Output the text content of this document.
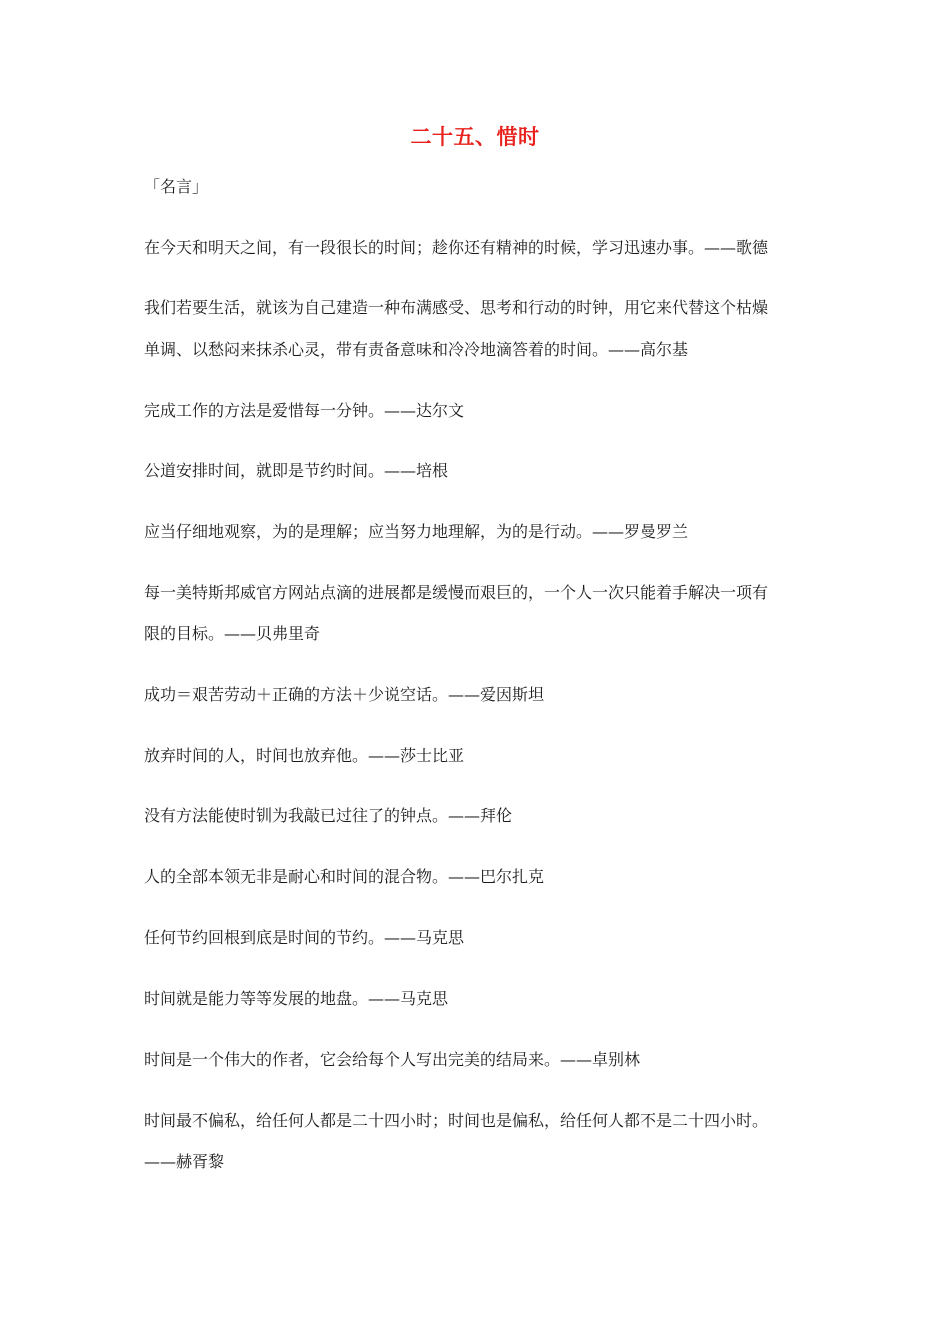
二十五、惜时
「名言」
在今天和明天之间，有一段很长的时间；趁你还有精神的时候，学习迅速办事。——歌德
我们若要生活，就该为自己建造一种布满感受、思考和行动的时钟，用它来代替这个枯燥
单调、以愁闷来抹杀心灵，带有责备意味和冷冷地滴答着的时间。——高尔基
完成工作的方法是爱惜每一分钟。——达尔文
公道安排时间，就即是节约时间。——培根
应当仔细地观察，为的是理解；应当努力地理解，为的是行动。——罗曼罗兰
每一美特斯邦威官方网站点滴的进展都是缓慢而艰巨的，一个人一次只能着手解决一项有
限的目标。——贝弗里奇
成功＝艰苦劳动＋正确的方法＋少说空话。——爱因斯坦
放弃时间的人，时间也放弃他。——莎士比亚
没有方法能使时钏为我敲已过往了的钟点。——拜伦
人的全部本领无非是耐心和时间的混合物。——巴尔扎克
任何节约回根到底是时间的节约。——马克思
时间就是能力等等发展的地盘。——马克思
时间是一个伟大的作者，它会给每个人写出完美的结局来。——卓别林
时间最不偏私，给任何人都是二十四小时；时间也是偏私，给任何人都不是二十四小时。
——赫胥黎
